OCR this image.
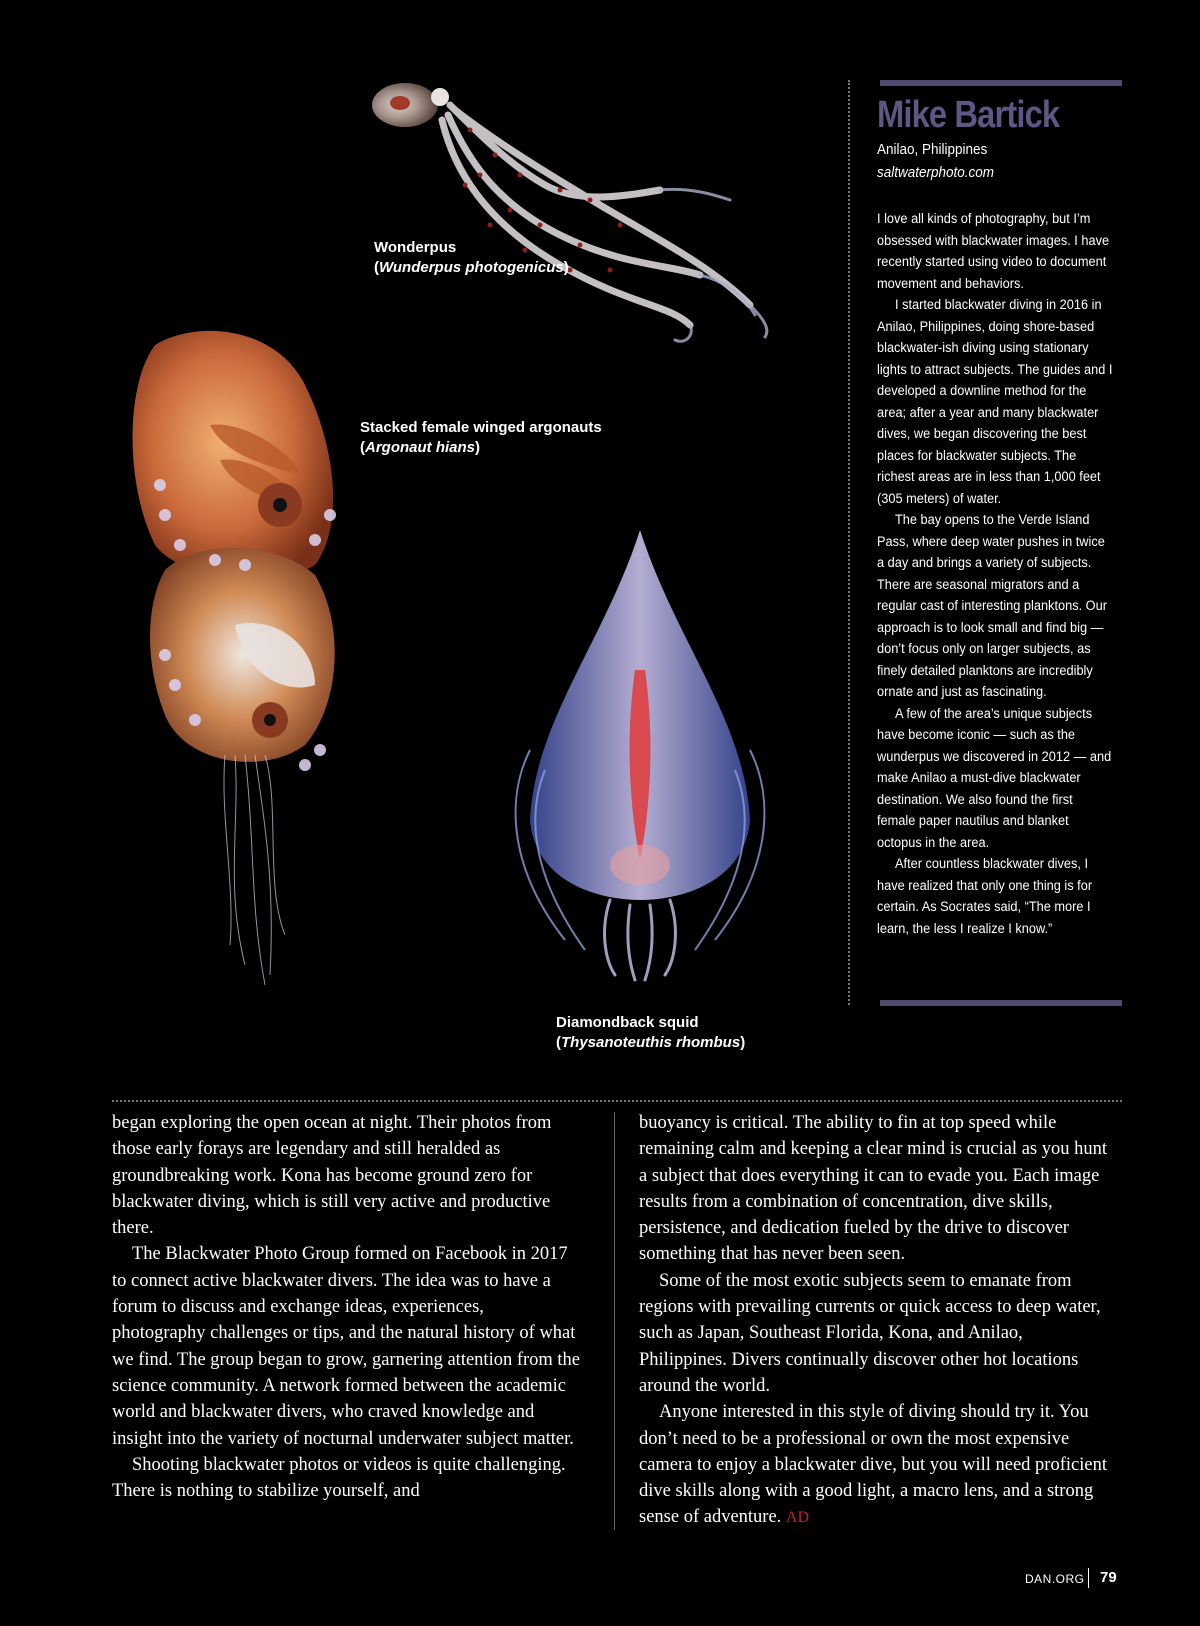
Wonderpus
(Wunderpus photogenicus)
Stacked female winged argonauts
(Argonaut hians)
Diamondback squid
(Thysanoteuthis rhombus)
Mike Bartick
Anilao, Philippines
saltwaterphoto.com

I love all kinds of photography, but I’m obsessed with blackwater images. I have recently started using video to document movement and behaviors.

I started blackwater diving in 2016 in Anilao, Philippines, doing shore-based blackwater-ish diving using stationary lights to attract subjects. The guides and I developed a downline method for the area; after a year and many blackwater dives, we began discovering the best places for blackwater subjects. The richest areas are in less than 1,000 feet (305 meters) of water.

The bay opens to the Verde Island Pass, where deep water pushes in twice a day and brings a variety of subjects. There are seasonal migrators and a regular cast of interesting planktons. Our approach is to look small and find big — don’t focus only on larger subjects, as finely detailed planktons are incredibly ornate and just as fascinating.

A few of the area’s unique subjects have become iconic — such as the wunderpus we discovered in 2012 — and make Anilao a must-dive blackwater destination. We also found the first female paper nautilus and blanket octopus in the area.

After countless blackwater dives, I have realized that only one thing is for certain. As Socrates said, “The more I learn, the less I realize I know.”

began exploring the open ocean at night. Their photos from those early forays are legendary and still heralded as groundbreaking work. Kona has become ground zero for blackwater diving, which is still very active and productive there.

The Blackwater Photo Group formed on Facebook in 2017 to connect active blackwater divers. The idea was to have a forum to discuss and exchange ideas, experiences, photography challenges or tips, and the natural history of what we find. The group began to grow, garnering attention from the science community. A network formed between the academic world and blackwater divers, who craved knowledge and insight into the variety of nocturnal underwater subject matter.

Shooting blackwater photos or videos is quite challenging. There is nothing to stabilize yourself, and

buoyancy is critical. The ability to fin at top speed while remaining calm and keeping a clear mind is crucial as you hunt a subject that does everything it can to evade you. Each image results from a combination of concentration, dive skills, persistence, and dedication fueled by the drive to discover something that has never been seen.

Some of the most exotic subjects seem to emanate from regions with prevailing currents or quick access to deep water, such as Japan, Southeast Florida, Kona, and Anilao, Philippines. Divers continually discover other hot locations around the world.

Anyone interested in this style of diving should try it. You don’t need to be a professional or own the most expensive camera to enjoy a blackwater dive, but you will need proficient dive skills along with a good light, a macro lens, and a strong sense of adventure. AD

DAN.ORG 79
